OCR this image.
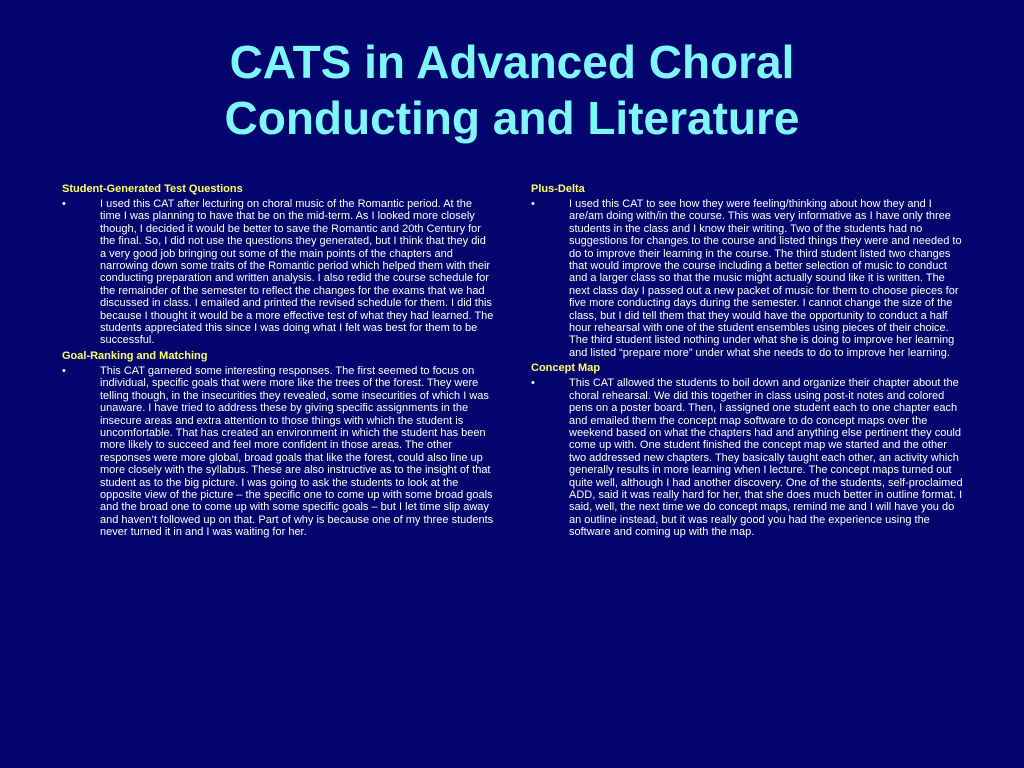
CATS in Advanced Choral
Conducting and Literature

Student-Generated Test Questions

•	I used this CAT after lecturing on choral music of the Romantic period. At the time I was planning to have that be on the mid-term. As I looked more closely though, I decided it would be better to save the Romantic and 20th Century for the final. So, I did not use the questions they generated, but I think that they did a very good job bringing out some of the main points of the chapters and narrowing down some traits of the Romantic period which helped them with their conducting preparation and written analysis. I also redid the course schedule for the remainder of the semester to reflect the changes for the exams that we had discussed in class. I emailed and printed the revised schedule for them. I did this because I thought it would be a more effective test of what they had learned. The students appreciated this since I was doing what I felt was best for them to be successful.

Goal-Ranking and Matching

•	This CAT garnered some interesting responses. The first seemed to focus on individual, specific goals that were more like the trees of the forest. They were telling though, in the insecurities they revealed, some insecurities of which I was unaware. I have tried to address these by giving specific assignments in the insecure areas and extra attention to those things with which the student is uncomfortable. That has created an environment in which the student has been more likely to succeed and feel more confident in those areas. The other responses were more global, broad goals that like the forest, could also line up more closely with the syllabus. These are also instructive as to the insight of that student as to the big picture. I was going to ask the students to look at the opposite view of the picture – the specific one to come up with some broad goals and the broad one to come up with some specific goals – but I let time slip away and haven’t followed up on that. Part of why is because one of my three students never turned it in and I was waiting for her.

Plus-Delta

•	I used this CAT to see how they were feeling/thinking about how they and I are/am doing with/in the course. This was very informative as I have only three students in the class and I know their writing. Two of the students had no suggestions for changes to the course and listed things they were and needed to do to improve their learning in the course. The third student listed two changes that would improve the course including a better selection of music to conduct and a larger class so that the music might actually sound like it is written. The next class day I passed out a new packet of music for them to choose pieces for five more conducting days during the semester. I cannot change the size of the class, but I did tell them that they would have the opportunity to conduct a half hour rehearsal with one of the student ensembles using pieces of their choice. The third student listed nothing under what she is doing to improve her learning and listed “prepare more” under what she needs to do to improve her learning.

Concept Map

•	This CAT allowed the students to boil down and organize their chapter about the choral rehearsal. We did this together in class using post-it notes and colored pens on a poster board. Then, I assigned one student each to one chapter each and emailed them the concept map software to do concept maps over the weekend based on what the chapters had and anything else pertinent they could come up with. One student finished the concept map we started and the other two addressed new chapters. They basically taught each other, an activity which generally results in more learning when I lecture. The concept maps turned out quite well, although I had another discovery. One of the students, self-proclaimed ADD, said it was really hard for her, that she does much better in outline format. I said, well, the next time we do concept maps, remind me and I will have you do an outline instead, but it was really good you had the experience using the software and coming up with the map.
